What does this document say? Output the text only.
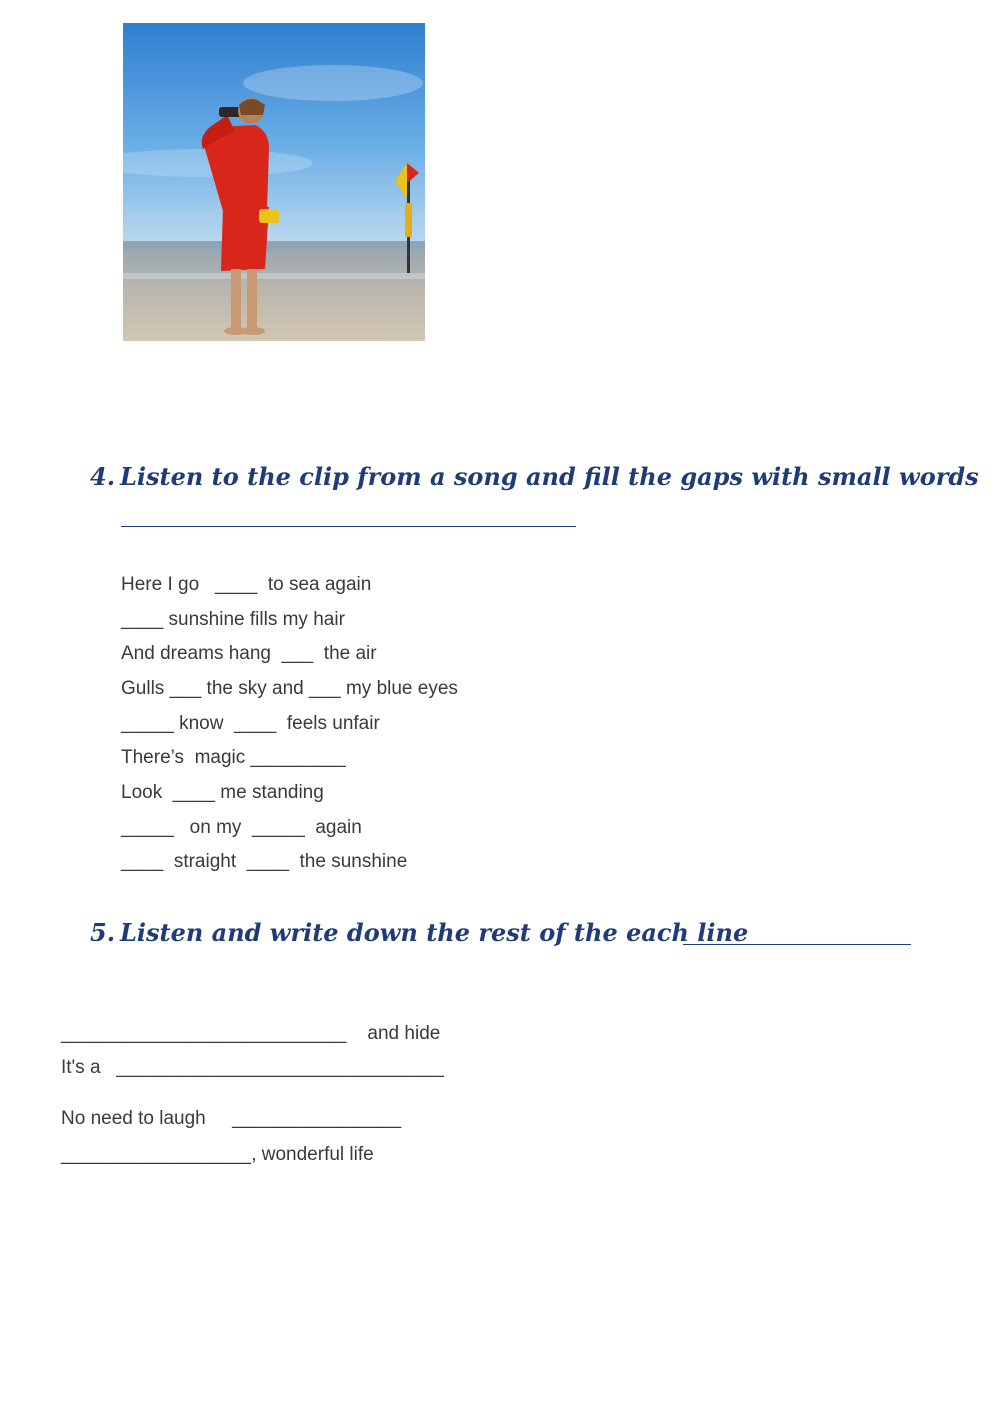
4. Listen to the clip from a song and fill the gaps with small words
Here I go   ____  to sea again
____ sunshine fills my hair
And dreams hang  ___  the air
Gulls ___ the sky and ___ my blue eyes
_____ know  ____  feels unfair
There’s  magic _________
Look  ____ me standing
_____   on my  _____  again
____  straight  ____  the sunshine
5. Listen and write down the rest of the each line
___________________________    and hide
It's a   _______________________________
No need to laugh     ________________
__________________, wonderful life
